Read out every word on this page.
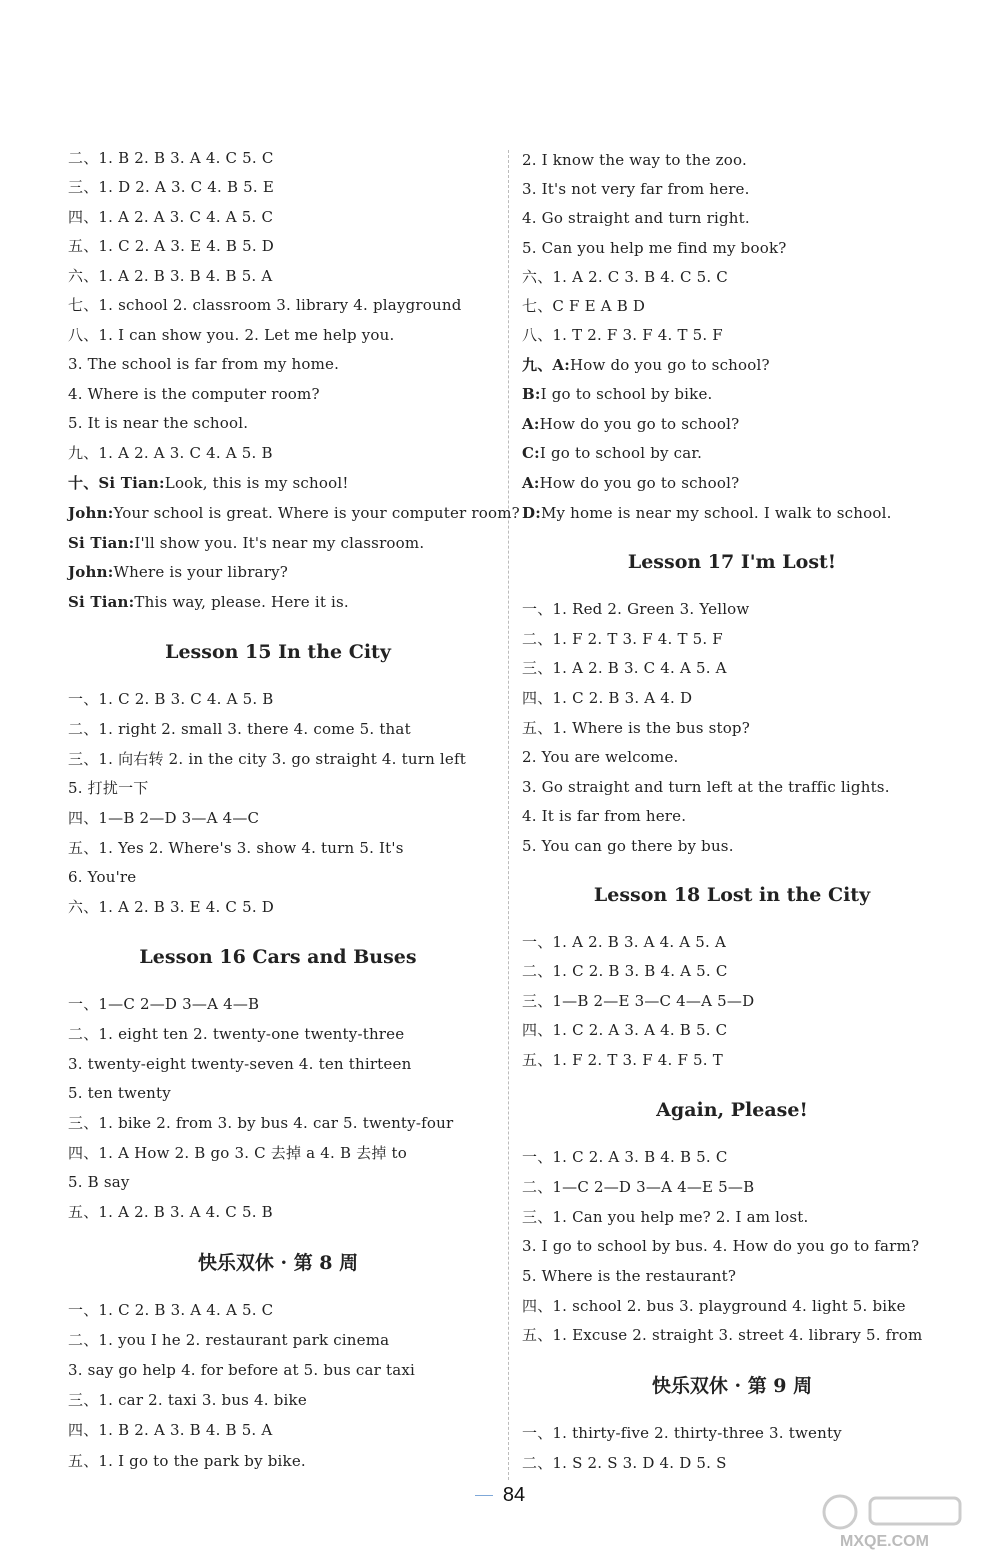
二、1. B 2. B 3. A 4. C 5. C
三、1. D 2. A 3. C 4. B 5. E
四、1. A 2. A 3. C 4. A 5. C
五、1. C 2. A 3. E 4. B 5. D
六、1. A 2. B 3. B 4. B 5. A
七、1. school 2. classroom 3. library 4. playground
八、1. I can show you. 2. Let me help you.
3. The school is far from my home.
4. Where is the computer room?
5. It is near the school.
九、1. A 2. A 3. C 4. A 5. B
十、Si Tian:Look, this is my school!
John:Your school is great. Where is your computer room?
Si Tian:I'll show you. It's near my classroom.
John:Where is your library?
Si Tian:This way, please. Here it is.
一、1. C 2. B 3. C 4. A 5. B
二、1. right 2. small 3. there 4. come 5. that
三、1. 向右转 2. in the city 3. go straight 4. turn left
5. 打扰一下
四、1—B 2—D 3—A 4—C
五、1. Yes 2. Where's 3. show 4. turn 5. It's
6. You're
六、1. A 2. B 3. E 4. C 5. D
一、1—C 2—D 3—A 4—B
二、1. eight ten 2. twenty-one twenty-three
3. twenty-eight twenty-seven 4. ten thirteen
5. ten twenty
三、1. bike 2. from 3. by bus 4. car 5. twenty-four
四、1. A How 2. B go 3. C 去掉 a 4. B 去掉 to
5. B say
五、1. A 2. B 3. A 4. C 5. B
一、1. C 2. B 3. A 4. A 5. C
二、1. you I he 2. restaurant park cinema
3. say go help 4. for before at 5. bus car taxi
三、1. car 2. taxi 3. bus 4. bike
四、1. B 2. A 3. B 4. B 5. A
五、1. I go to the park by bike.
Lesson 15 In the City
Lesson 16 Cars and Buses
快乐双休 · 第 8 周
2. I know the way to the zoo.
3. It's not very far from here.
4. Go straight and turn right.
5. Can you help me find my book?
六、1. A 2. C 3. B 4. C 5. C
七、C F E A B D
八、1. T 2. F 3. F 4. T 5. F
九、A:How do you go to school?
B:I go to school by bike.
A:How do you go to school?
C:I go to school by car.
A:How do you go to school?
D:My home is near my school. I walk to school.
一、1. Red 2. Green 3. Yellow
二、1. F 2. T 3. F 4. T 5. F
三、1. A 2. B 3. C 4. A 5. A
四、1. C 2. B 3. A 4. D
五、1. Where is the bus stop?
2. You are welcome.
3. Go straight and turn left at the traffic lights.
4. It is far from here.
5. You can go there by bus.
一、1. A 2. B 3. A 4. A 5. A
二、1. C 2. B 3. B 4. A 5. C
三、1—B 2—E 3—C 4—A 5—D
四、1. C 2. A 3. A 4. B 5. C
五、1. F 2. T 3. F 4. F 5. T
一、1. C 2. A 3. B 4. B 5. C
二、1—C 2—D 3—A 4—E 5—B
三、1. Can you help me? 2. I am lost.
3. I go to school by bus. 4. How do you go to farm?
5. Where is the restaurant?
四、1. school 2. bus 3. playground 4. light 5. bike
五、1. Excuse 2. straight 3. street 4. library 5. from
一、1. thirty-five 2. thirty-three 3. twenty
二、1. S 2. S 3. D 4. D 5. S
Lesson 17 I'm Lost!
Lesson 18 Lost in the City
Again, Please!
快乐双休 · 第 9 周
84
MXQE.COM
